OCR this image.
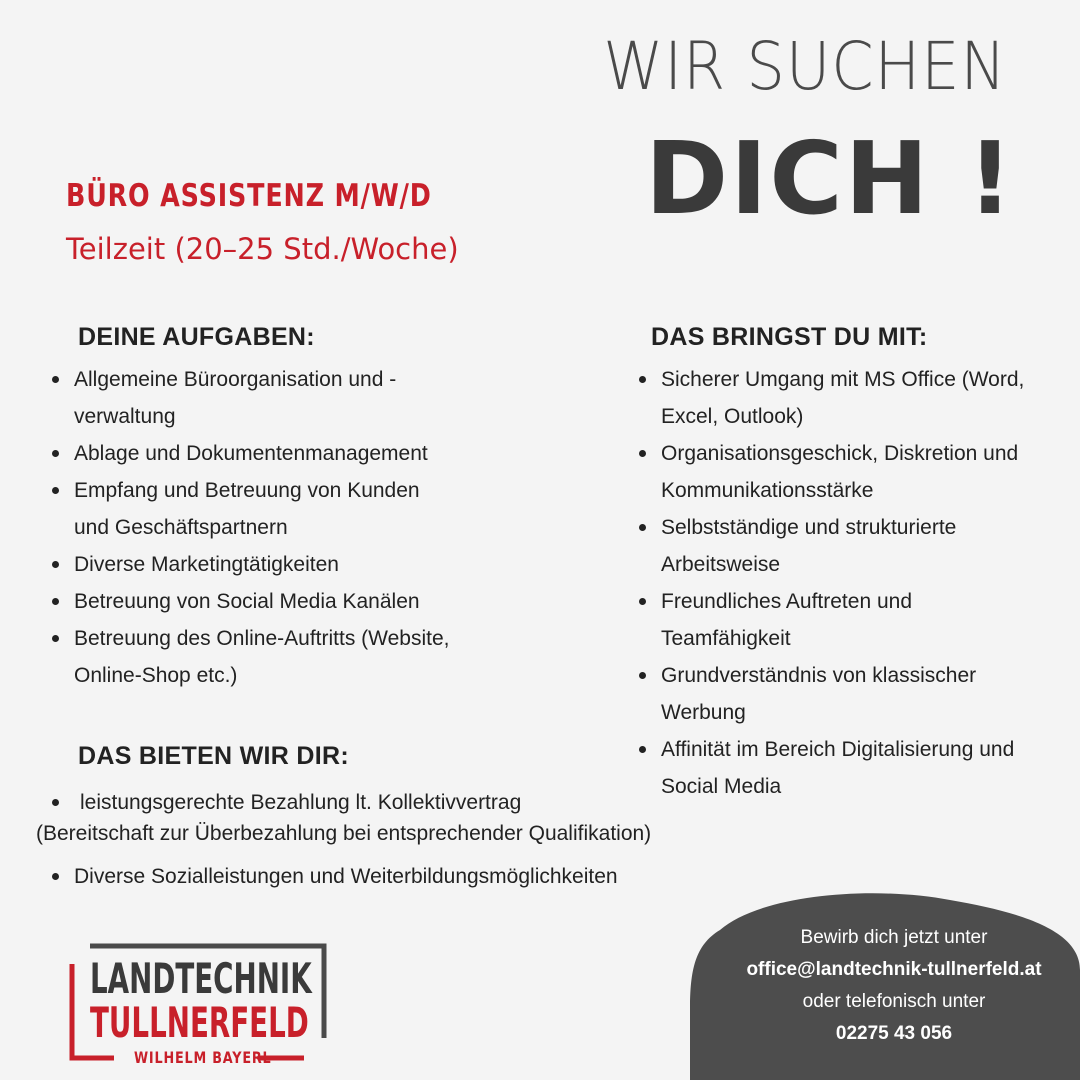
WIR SUCHEN
DICH !
BÜRO ASSISTENZ M/W/D
Teilzeit (20–25 Std./Woche)
DEINE AUFGABEN:
Allgemeine Büroorganisation und -verwaltung
Ablage und Dokumentenmanagement
Empfang und Betreuung von Kunden und Geschäftspartnern
Diverse Marketingtätigkeiten
Betreuung von Social Media Kanälen
Betreuung des Online-Auftritts (Website, Online-Shop etc.)
DAS BRINGST DU MIT:
Sicherer Umgang mit MS Office (Word, Excel, Outlook)
Organisationsgeschick, Diskretion und Kommunikationsstärke
Selbstständige und strukturierte Arbeitsweise
Freundliches Auftreten und Teamfähigkeit
Grundverständnis von klassischer Werbung
Affinität im Bereich Digitalisierung und Social Media
DAS BIETEN WIR DIR:
leistungsgerechte Bezahlung lt. Kollektivvertrag
(Bereitschaft zur Überbezahlung bei entsprechender Qualifikation)
Diverse Sozialleistungen und Weiterbildungsmöglichkeiten
Bewirb dich jetzt unter
office@landtechnik-tullnerfeld.at
oder telefonisch unter
02275 43 056
LANDTECHNIK
TULLNERFELD
WILHELM BAYERL
